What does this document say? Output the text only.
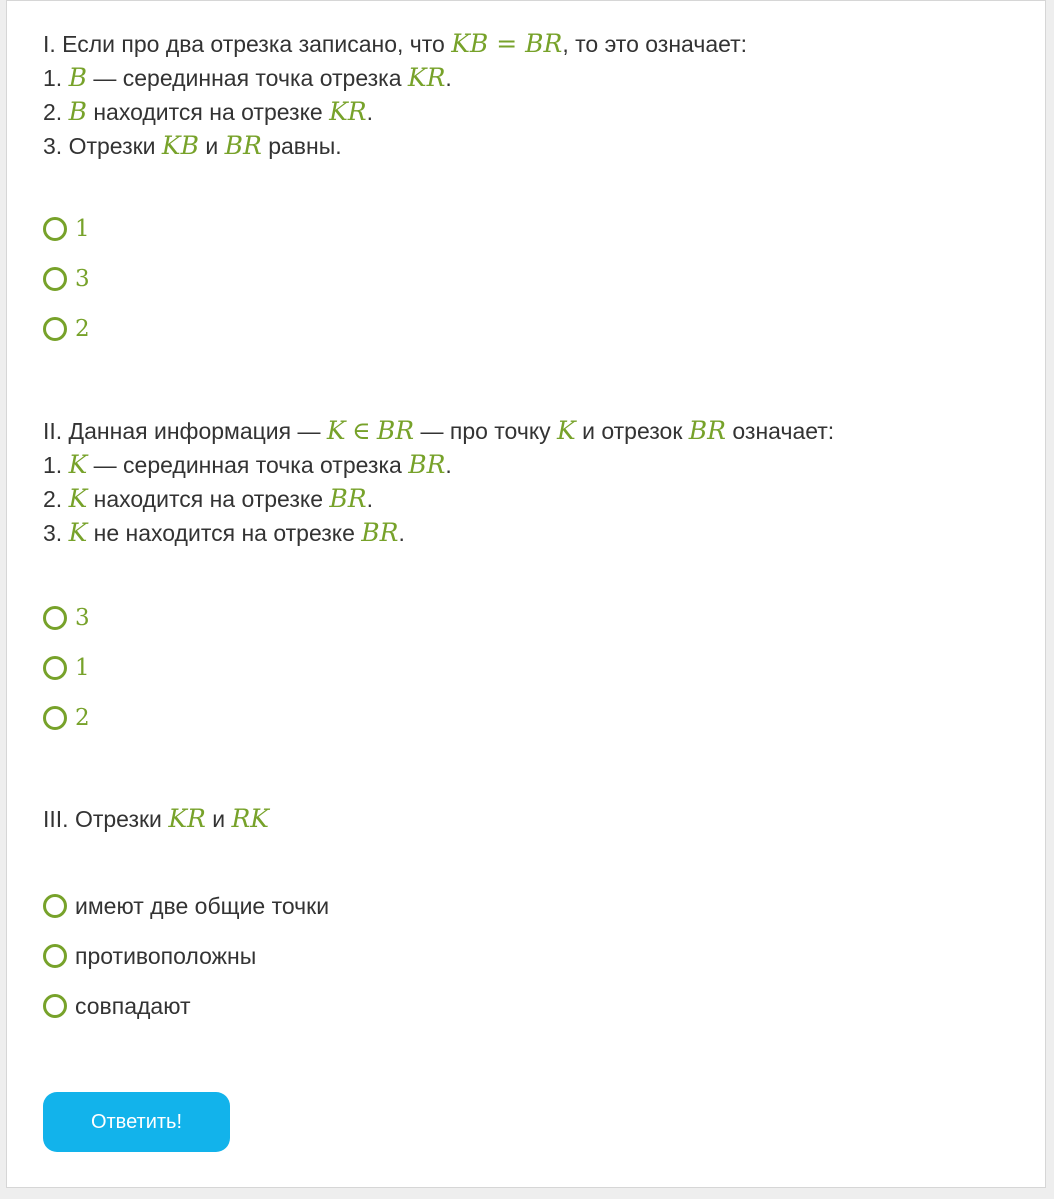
I. Если про два отрезка записано, что KB = BR, то это означает:
1. B — серединная точка отрезка KR.
2. B находится на отрезке KR.
3. Отрезки KB и BR равны.
1
3
2
II. Данная информация — K ∈ BR — про точку K и отрезок BR означает:
1. K — серединная точка отрезка BR.
2. K находится на отрезке BR.
3. K не находится на отрезке BR.
3
1
2
III. Отрезки KR и RK
имеют две общие точки
противоположны
совпадают
Ответить!
